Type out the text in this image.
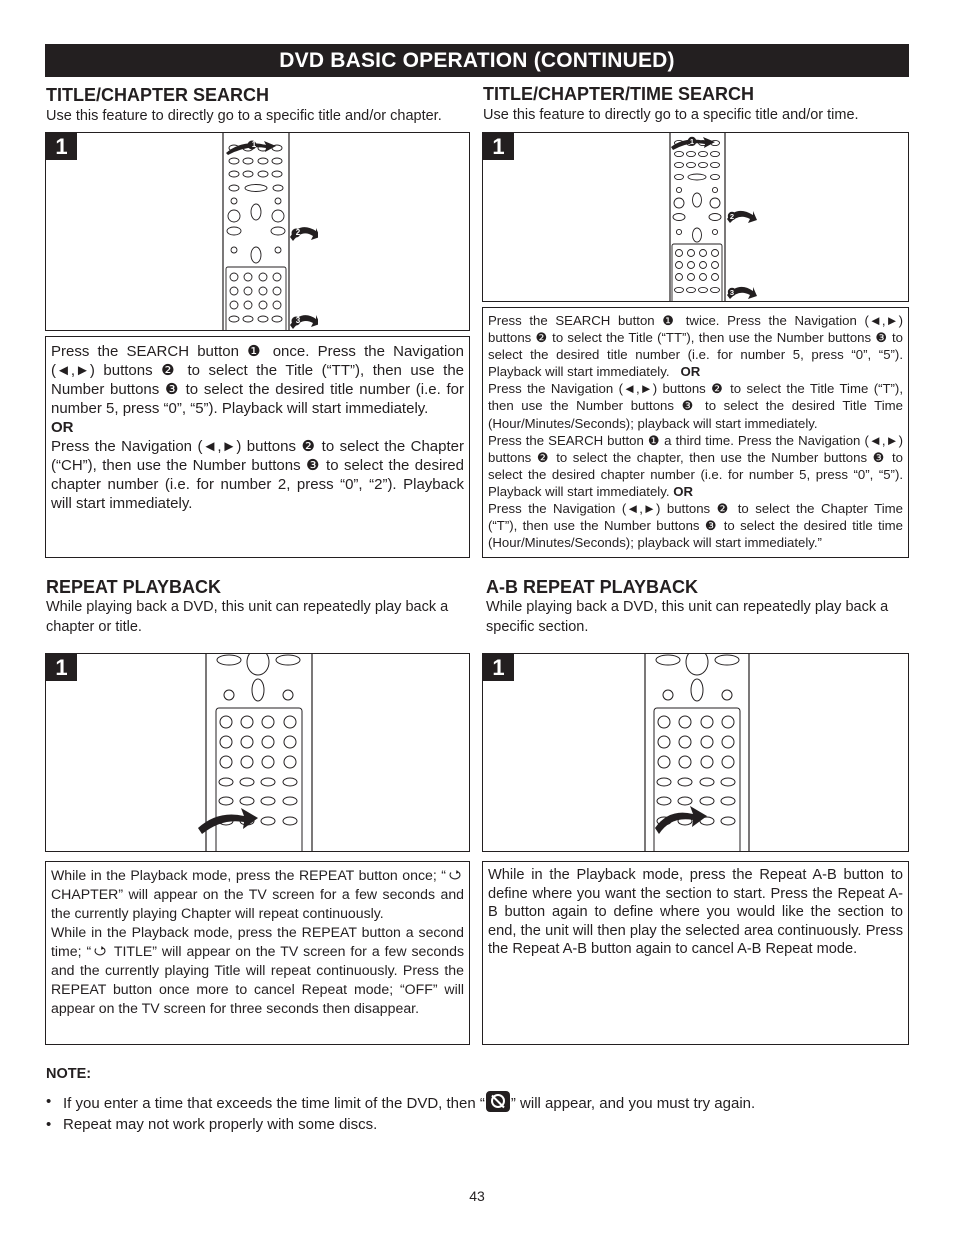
DVD BASIC OPERATION (CONTINUED)
TITLE/CHAPTER SEARCH
Use this feature to directly go to a specific title and/or chapter.
1	1
2
3

Press the SEARCH button ❶ once. Press the Navigation (◄,►) buttons ❷ to select the Title (“TT”), then use the Number buttons ❸ to select the desired title number (i.e. for number 5, press “0”, “5”). Playback will start immediately.

OR

Press the Navigation (◄,►) buttons ❷ to select the Chapter (“CH”), then use the Number buttons ❸ to select the desired chapter number (i.e. for number 2, press “0”, “2”). Playback will start immediately.

TITLE/CHAPTER/TIME SEARCH
Use this feature to directly go to a specific title and/or time.
1	1
2
3

Press the SEARCH button ❶ twice. Press the Navigation (◄,►) buttons ❷ to select the Title (“TT”), then use the Number buttons ❸ to select the desired title number (i.e. for number 5, press “0”, “5”). Playback will start immediately. OR

Press the Navigation (◄,►) buttons ❷ to select the Title Time (“T”), then use the Number buttons ❸ to select the desired Title Time (Hour/Minutes/Seconds); playback will start immediately.

Press the SEARCH button ❶ a third time. Press the Navigation (◄,►) buttons ❷ to select the chapter, then use the Number buttons ❸ to select the desired chapter number (i.e. for number 5, press “0”, “5”). Playback will start immediately. OR

Press the Navigation (◄,►) buttons ❷ to select the Chapter Time (“T”), then use the Number buttons ❸ to select the desired title time (Hour/Minutes/Seconds); playback will start immediately.”

REPEAT PLAYBACK
While playing back a DVD, this unit can repeatedly play back a chapter or title.
1

While in the Playback mode, press the REPEAT button once; “ CHAPTER” will appear on the TV screen for a few seconds and the currently playing Chapter will repeat continuously.

While in the Playback mode, press the REPEAT button a second time; “ TITLE” will appear on the TV screen for a few seconds and the currently playing Title will repeat continuously. Press the REPEAT button once more to cancel Repeat mode; “OFF” will appear on the TV screen for three seconds then disappear.

A-B REPEAT PLAYBACK
While playing back a DVD, this unit can repeatedly play back a specific section.
1

While in the Playback mode, press the Repeat A-B button to define where you want the section to start. Press the Repeat A-B button again to define where you would like the section to end, the unit will then play the selected area continuously. Press the Repeat A-B button again to cancel A-B Repeat mode.

NOTE:
• If you enter a time that exceeds the time limit of the DVD, then “ ” will appear, and you must try again.
• Repeat may not work properly with some discs.
43
